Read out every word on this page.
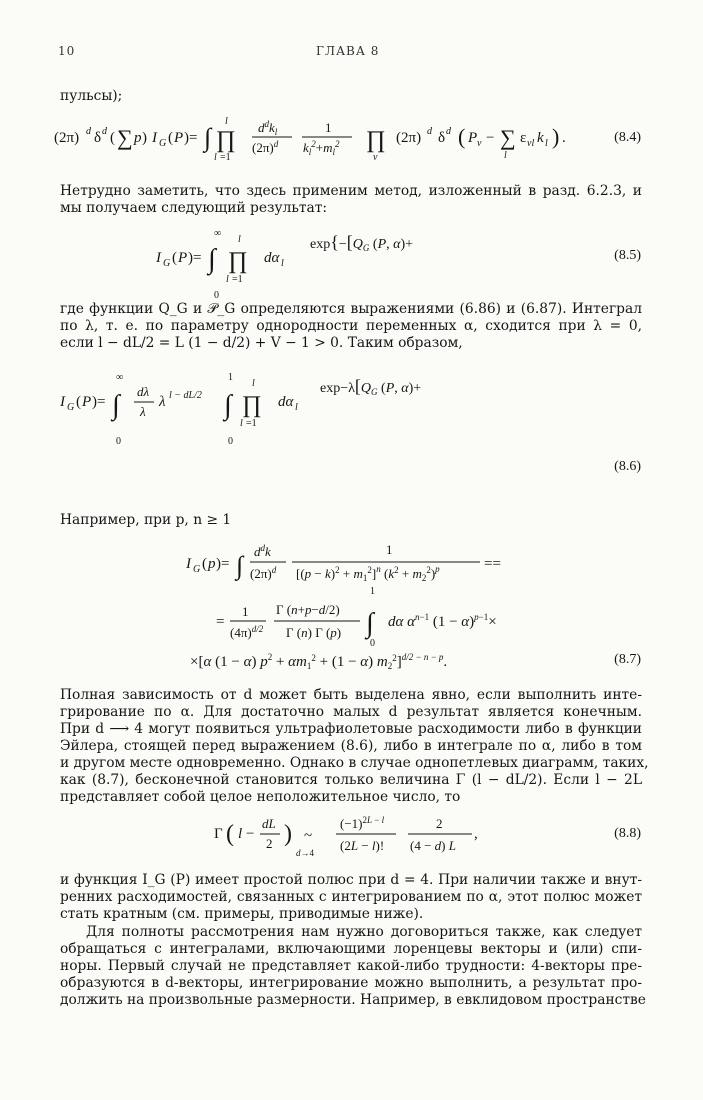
10	ГЛАВА 8
пульсы);
(2π) d δ d ( ∑ p ) I G ( P )= ∫
l
∏
l =1
$d^dk_l$
$(2\pi)^d$
1
$k_l^2+m_l^2$ ∏
v
(2π) d δ d ( P v − ∑
l
ε vl k l ) .	(8.4)
Нетрудно заметить, что здесь применим метод, изложенный в разд. 6.2.3, и
мы получаем следующий результат:
I G ( P )= ∫
∞
0
l
∏
l =1
dα l
$\exp\{-[Q_G$ (P, α)+
(8.5)
где функции Q_G и 𝒫_G определяются выражениями (6.86) и (6.87). Интеграл
по λ, т. е. по параметру однородности переменных α, сходится при λ = 0,
если l − dL/2 = L (1 − d/2) + V − 1 > 0. Таким образом,
I G ( P )= ∫
∞
0
dλ
λ
λ l − dL/2 ∫
1
0
l
∏
l =1
dα l
$\exp-\lambda[Q_G$ (P, α)+
(8.6)
Например, при p, n ≥ 1
I G ( p )= ∫ $d^dk$
$(2\pi)^d$
1
$[(p - k)^2 + m_1^2]^n$ $(k^2 + m_2^2)^p$	==
=
1
$(4\pi)^{d/2}$
Γ (n+p−d/2)
Γ (n) Γ (p) ∫
1
0
dα $\alpha^n-1$ $(1 - \alpha)^p-1\times$
×[α (1 − α) $p^2 + \alpha m_1^2 + (1 - \alpha)$ $m_2^2]^{d/2 - n - p}$.	(8.7)
Полная зависимость от d может быть выделена явно, если выполнить инте-
грирование по α. Для достаточно малых d результат является конечным.
При d ⟶ 4 могут появиться ультрафиолетовые расходимости либо в функции
Эйлера, стоящей перед выражением (8.6), либо в интеграле по α, либо в том
и другом месте одновременно. Однако в случае однопетлевых диаграмм, таких,
как (8.7), бесконечной становится только величина Γ (l − dL/2). Если l − 2L
представляет собой целое неположительное число, то
Γ ( l −
dL
2 ) ~
d→4
$(-1)^{2L - l}$
(2L − l)!
2
(4 − d) L
,	(8.8)
и функция I_G (P) имеет простой полюс при d = 4. При наличии также и внут-
ренних расходимостей, связанных с интегрированием по α, этот полюс может
стать кратным (см. примеры, приводимые ниже).
Для полноты рассмотрения нам нужно договориться также, как следует
обращаться с интегралами, включающими лоренцевы векторы и (или) спи-
норы. Первый случай не представляет какой-либо трудности: 4-векторы пре-
образуются в d-векторы, интегрирование можно выполнить, а результат про-
должить на произвольные размерности. Например, в евклидовом пространстве
